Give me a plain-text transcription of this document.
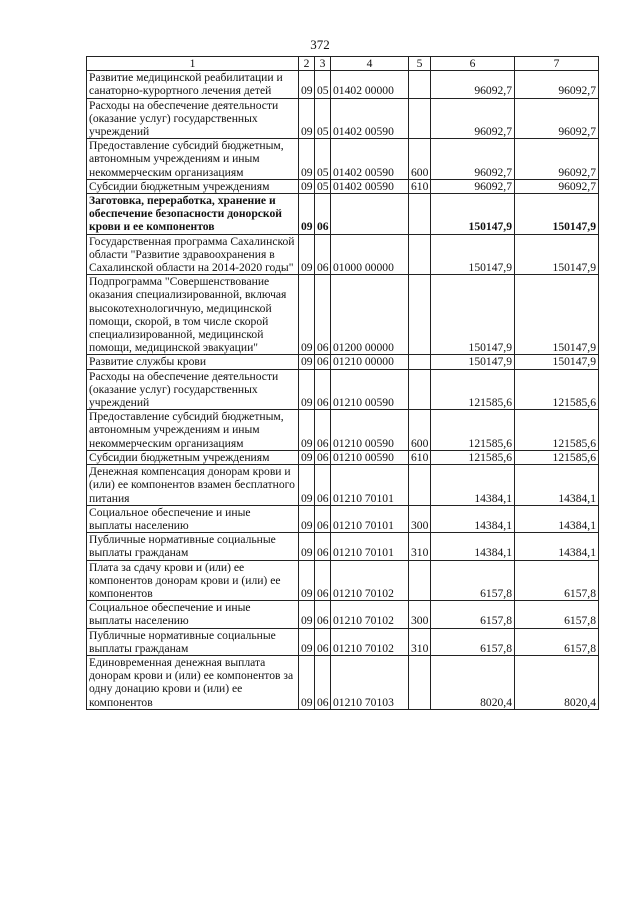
372
1	2	3	4	5	6	7
Развитие медицинской реабилитации и санаторно-курортного лечения детей	09	05	01402 00000		96092,7	96092,7
Расходы на обеспечение деятельности (оказание услуг) государственных учреждений	09	05	01402 00590		96092,7	96092,7
Предоставление субсидий бюджетным, автономным учреждениям и иным некоммерческим организациям	09	05	01402 00590	600	96092,7	96092,7
Субсидии бюджетным учреждениям	09	05	01402 00590	610	96092,7	96092,7
Заготовка, переработка, хранение и обеспечение безопасности донорской крови и ее компонентов	09	06			150147,9	150147,9
Государственная программа Сахалинской области "Развитие здравоохранения в Сахалинской области на 2014-2020 годы"	09	06	01000 00000		150147,9	150147,9
Подпрограмма "Совершенствование оказания специализированной, включая высокотехнологичную, медицинской помощи, скорой, в том числе скорой специализированной, медицинской помощи, медицинской эвакуации"	09	06	01200 00000		150147,9	150147,9
Развитие службы крови	09	06	01210 00000		150147,9	150147,9
Расходы на обеспечение деятельности (оказание услуг) государственных учреждений	09	06	01210 00590		121585,6	121585,6
Предоставление субсидий бюджетным, автономным учреждениям и иным некоммерческим организациям	09	06	01210 00590	600	121585,6	121585,6
Субсидии бюджетным учреждениям	09	06	01210 00590	610	121585,6	121585,6
Денежная компенсация донорам крови и (или) ее компонентов взамен бесплатного питания	09	06	01210 70101		14384,1	14384,1
Социальное обеспечение и иные выплаты населению	09	06	01210 70101	300	14384,1	14384,1
Публичные нормативные социальные выплаты гражданам	09	06	01210 70101	310	14384,1	14384,1
Плата за сдачу крови и (или) ее компонентов донорам крови и (или) ее компонентов	09	06	01210 70102		6157,8	6157,8
Социальное обеспечение и иные выплаты населению	09	06	01210 70102	300	6157,8	6157,8
Публичные нормативные социальные выплаты гражданам	09	06	01210 70102	310	6157,8	6157,8
Единовременная денежная выплата донорам крови и (или) ее компонентов за одну донацию крови и (или) ее компонентов	09	06	01210 70103		8020,4	8020,4
